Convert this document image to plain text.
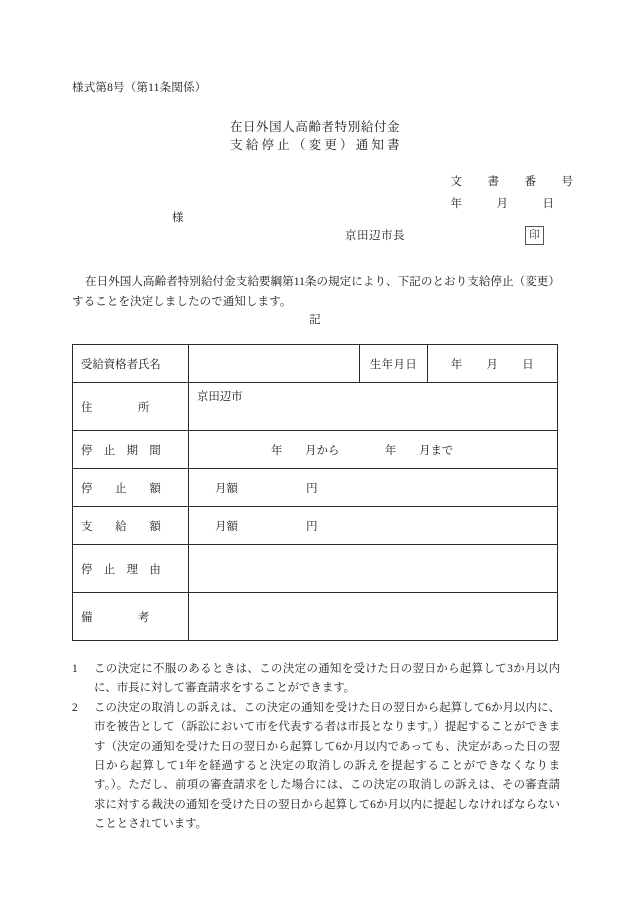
様式第8号（第11条関係）
在日外国人高齢者特別給付金
支給停止（変更）通知書
文　書　番　号
年　　　月　　　日
様
京田辺市長	印
在日外国人高齢者特別給付金支給要綱第11条の規定により、下記のとおり支給停止（変更）することを決定しましたので通知します。
記
受給資格者氏名		生年月日	年　　月　　日

住　　　　所	京田辺市		

停　止　期　間	年　　月から　　　　年　　月まで		

停　　止　　額	月額　　　　　　円		

支　　給　　額	月額　　　　　　円		

停　止　理　由			

備　　　　考			

1	この決定に不服のあるときは、この決定の通知を受けた日の翌日から起算して3か月以内に、市長に対して審査請求をすることができます。
2	この決定の取消しの訴えは、この決定の通知を受けた日の翌日から起算して6か月以内に、市を被告として（訴訟において市を代表する者は市長となります。）提起することができます（決定の通知を受けた日の翌日から起算して6か月以内であっても、決定があった日の翌日から起算して1年を経過すると決定の取消しの訴えを提起することができなくなります。）。ただし、前項の審査請求をした場合には、この決定の取消しの訴えは、その審査請求に対する裁決の通知を受けた日の翌日から起算して6か月以内に提起しなければならないこととされています。
